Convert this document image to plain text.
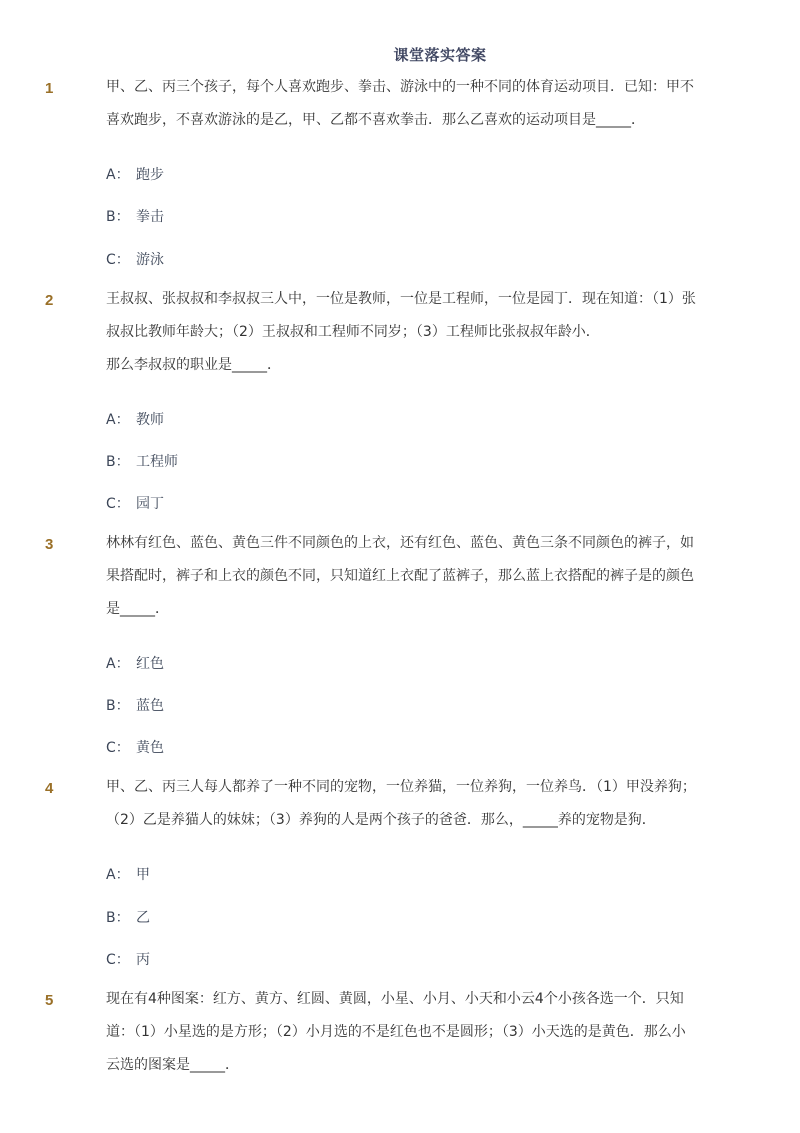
课堂落实答案
1	甲、乙、丙三个孩子，每个人喜欢跑步、拳击、游泳中的一种不同的体育运动项目．已知：甲不
喜欢跑步，不喜欢游泳的是乙，甲、乙都不喜欢拳击．那么乙喜欢的运动项目是_____．
A： 跑步
B： 拳击
C： 游泳
2	王叔叔、张叔叔和李叔叔三人中，一位是教师，一位是工程师，一位是园丁．现在知道：（1）张
叔叔比教师年龄大；（2）王叔叔和工程师不同岁；（3）工程师比张叔叔年龄小．
那么李叔叔的职业是_____．
A： 教师
B： 工程师
C： 园丁
3	林林有红色、蓝色、黄色三件不同颜色的上衣，还有红色、蓝色、黄色三条不同颜色的裤子，如
果搭配时，裤子和上衣的颜色不同，只知道红上衣配了蓝裤子，那么蓝上衣搭配的裤子是的颜色
是_____．
A： 红色
B： 蓝色
C： 黄色
4	甲、乙、丙三人每人都养了一种不同的宠物，一位养猫，一位养狗，一位养鸟．（1）甲没养狗；
（2）乙是养猫人的妹妹；（3）养狗的人是两个孩子的爸爸．那么，_____养的宠物是狗．
A： 甲
B： 乙
C： 丙
5	现在有4种图案：红方、黄方、红圆、黄圆，小星、小月、小天和小云4个小孩各选一个．只知
道：（1）小星选的是方形；（2）小月选的不是红色也不是圆形；（3）小天选的是黄色．那么小
云选的图案是_____．
